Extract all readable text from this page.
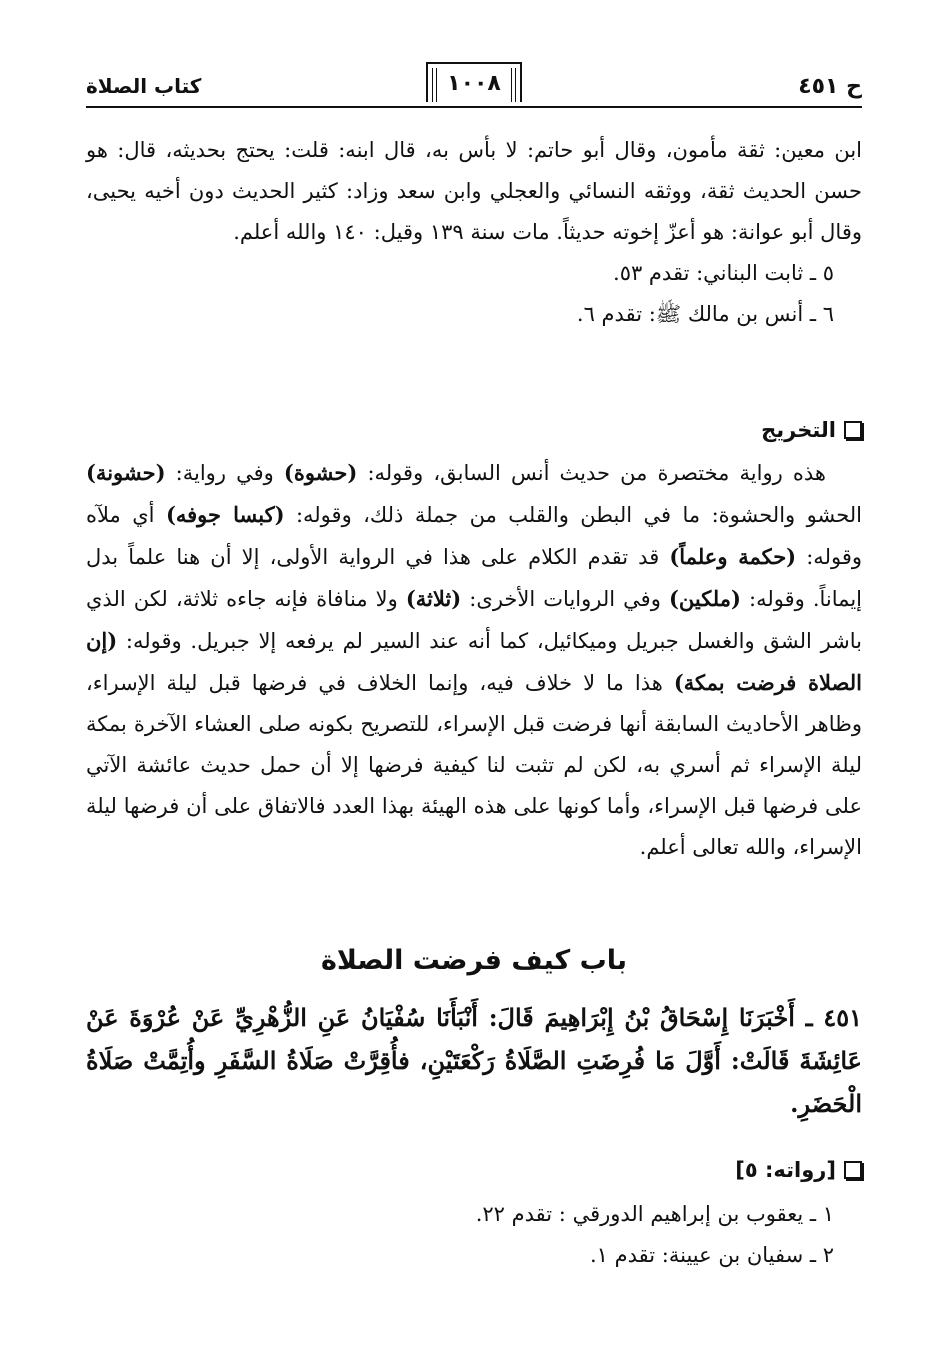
ح ٤٥١
١٠٠٨
كتاب الصلاة

ابن معين: ثقة مأمون، وقال أبو حاتم: لا بأس به، قال ابنه: قلت: يحتج بحديثه، قال: هو حسن الحديث ثقة، ووثقه النسائي والعجلي وابن سعد وزاد: كثير الحديث دون أخيه يحيى، وقال أبو عوانة: هو أعزّ إخوته حديثاً. مات سنة ١٣٩ وقيل: ١٤٠ والله أعلم.

٥ ـ ثابت البناني: تقدم ٥٣.
٦ ـ أنس بن مالك ﷺ: تقدم ٦.
التخريج

هذه رواية مختصرة من حديث أنس السابق، وقوله: (حشوة) وفي رواية: (حشونة) الحشو والحشوة: ما في البطن والقلب من جملة ذلك، وقوله: (كبسا جوفه) أي ملآه وقوله: (حكمة وعلماً) قد تقدم الكلام على هذا في الرواية الأولى، إلا أن هنا علماً بدل إيماناً. وقوله: (ملكين) وفي الروايات الأخرى: (ثلاثة) ولا منافاة فإنه جاءه ثلاثة، لكن الذي باشر الشق والغسل جبريل وميكائيل، كما أنه عند السير لم يرفعه إلا جبريل. وقوله: (إن الصلاة فرضت بمكة) هذا ما لا خلاف فيه، وإنما الخلاف في فرضها قبل ليلة الإسراء، وظاهر الأحاديث السابقة أنها فرضت قبل الإسراء، للتصريح بكونه صلى العشاء الآخرة بمكة ليلة الإسراء ثم أسري به، لكن لم تثبت لنا كيفية فرضها إلا أن حمل حديث عائشة الآتي على فرضها قبل الإسراء، وأما كونها على هذه الهيئة بهذا العدد فالاتفاق على أن فرضها ليلة الإسراء، والله تعالى أعلم.

باب كيف فرضت الصلاة
٤٥١ ـ أَخْبَرَنَا إِسْحَاقُ بْنُ إِبْرَاهِيمَ قَالَ: أَنْبَأَنَا سُفْيَانُ عَنِ الزُّهْرِيِّ عَنْ عُرْوَةَ عَنْ عَائِشَةَ قَالَتْ: أَوَّلَ مَا فُرِضَتِ الصَّلَاةُ رَكْعَتَيْنِ، فأُقِرَّتْ صَلَاةُ السَّفَرِ وأُتِمَّتْ صَلَاةُ الْحَضَرِ.
[رواته: ٥]
١ ـ يعقوب بن إبراهيم الدورقي : تقدم ٢٢.
٢ ـ سفيان بن عيينة: تقدم ١.
